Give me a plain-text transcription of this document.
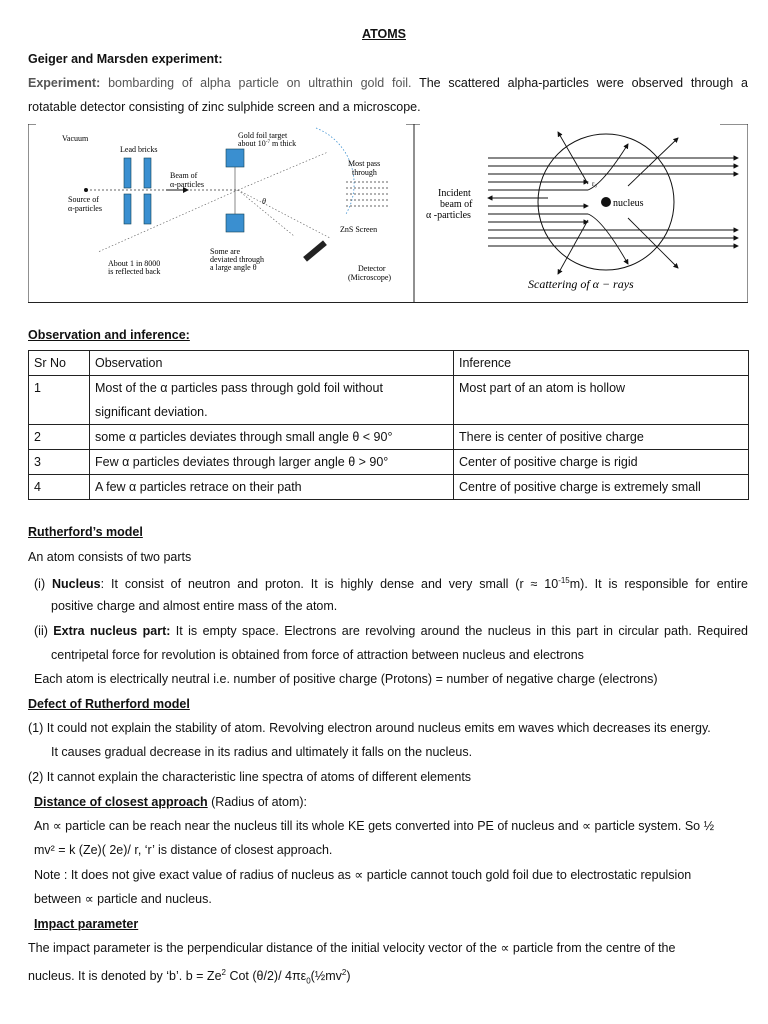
ATOMS
Geiger and Marsden experiment:
Experiment: bombarding of alpha particle on ultrathin gold foil. The scattered alpha-particles were observed through a
rotatable detector consisting of zinc sulphide screen and a microscope.
Vacuum
Lead bricks
Source of
α-particles
Beam of
α-particles
Gold foil target
about $10^{-7}$ m thick
θ
Most pass
through
ZnS Screen
Some are
deviated through
a large angle θ
About 1 in 8000
is reflected back	Detector
(Microscope)
nucleus
r₀
Incident
beam of
α -particles
Scattering of α − rays
Observation and inference:
Sr No	Observation	Inference
1	Most of the α particles pass through gold foil without
significant deviation.	Most part of an atom is hollow
2	some α particles deviates through small angle θ < 90°	There is center of positive charge
3	Few α particles deviates through larger angle θ > 90°	Center of positive charge is rigid
4	A few α particles retrace on their path	Centre of positive charge is extremely small
Rutherford’s model
An atom consists of two parts
(i) Nucleus: It consist of neutron and proton. It is highly dense and very small $(r \approx 10^{-15}m)$. It is responsible for entire
positive charge and almost entire mass of the atom.
(ii) Extra nucleus part: It is empty space. Electrons are revolving around the nucleus in this part in circular path. Required
centripetal force for revolution is obtained from force of attraction between nucleus and electrons
Each atom is electrically neutral i.e. number of positive charge (Protons) = number of negative charge (electrons)
Defect of Rutherford model
(1) It could not explain the stability of atom. Revolving electron around nucleus emits em waves which decreases its energy.
It causes gradual decrease in its radius and ultimately it falls on the nucleus.
(2) It cannot explain the characteristic line spectra of atoms of different elements
Distance of closest approach (Radius of atom):
An ∝ particle can be reach near the nucleus till its whole KE gets converted into PE of nucleus and ∝ particle system. So ½
mv² = k (Ze)( 2e)/ r, ‘r’ is distance of closest approach.
Note : It does not give exact value of radius of nucleus as ∝ particle cannot touch gold foil due to electrostatic repulsion
between ∝ particle and nucleus.
Impact parameter
The impact parameter is the perpendicular distance of the initial velocity vector of the ∝ particle from the centre of the
nucleus. It is denoted by ‘b’. $b = Ze^2$ Cot (θ/2)/ $4\pi\varepsilon_0(\frac{1}{2}mv^2)$
